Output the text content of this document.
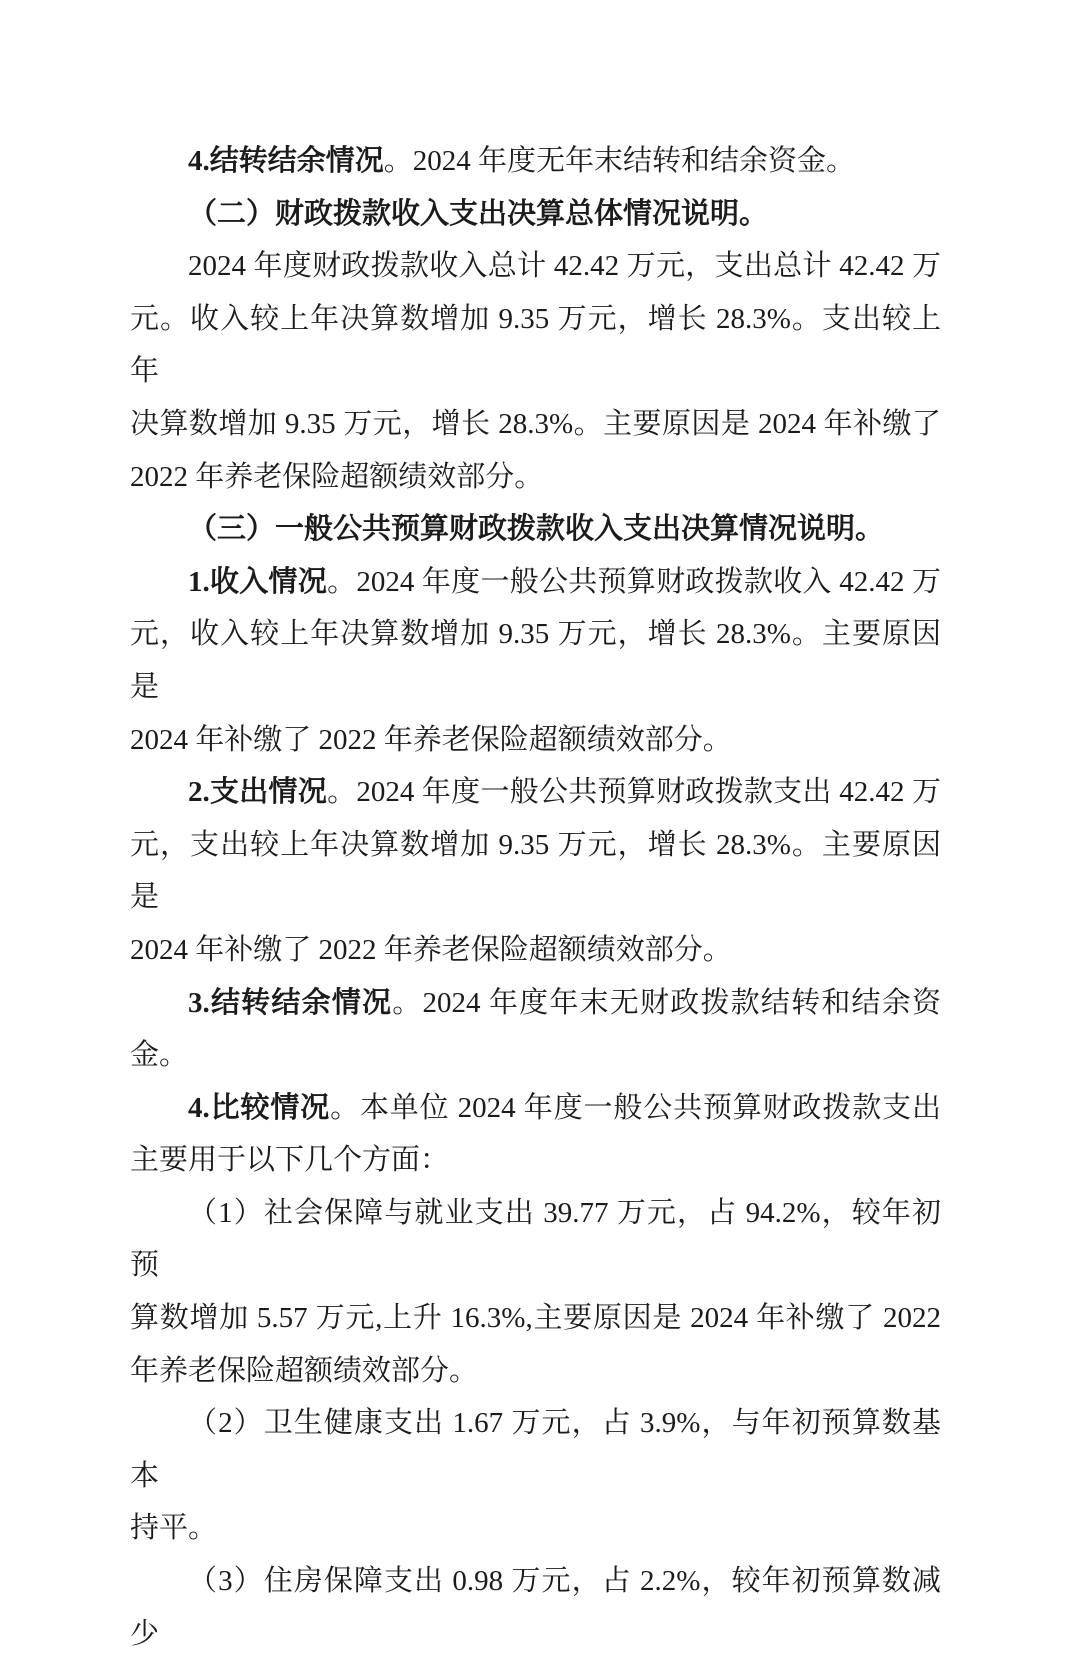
4.结转结余情况。2024 年度无年末结转和结余资金。
（二）财政拨款收入支出决算总体情况说明。
2024 年度财政拨款收入总计 42.42 万元，支出总计 42.42 万
元。收入较上年决算数增加 9.35 万元，增长 28.3%。支出较上年
决算数增加 9.35 万元，增长 28.3%。主要原因是 2024 年补缴了
2022 年养老保险超额绩效部分。
（三）一般公共预算财政拨款收入支出决算情况说明。
1.收入情况。2024 年度一般公共预算财政拨款收入 42.42 万
元，收入较上年决算数增加 9.35 万元，增长 28.3%。主要原因是
2024 年补缴了 2022 年养老保险超额绩效部分。
2.支出情况。2024 年度一般公共预算财政拨款支出 42.42 万
元，支出较上年决算数增加 9.35 万元，增长 28.3%。主要原因是
2024 年补缴了 2022 年养老保险超额绩效部分。
3.结转结余情况。2024 年度年末无财政拨款结转和结余资
金。
4.比较情况。本单位 2024 年度一般公共预算财政拨款支出
主要用于以下几个方面：
（1）社会保障与就业支出 39.77 万元，占 94.2%，较年初预
算数增加 5.57 万元,上升 16.3%,主要原因是 2024 年补缴了 2022
年养老保险超额绩效部分。
（2）卫生健康支出 1.67 万元，占 3.9%，与年初预算数基本
持平。
（3）住房保障支出 0.98 万元，占 2.2%，较年初预算数减少
